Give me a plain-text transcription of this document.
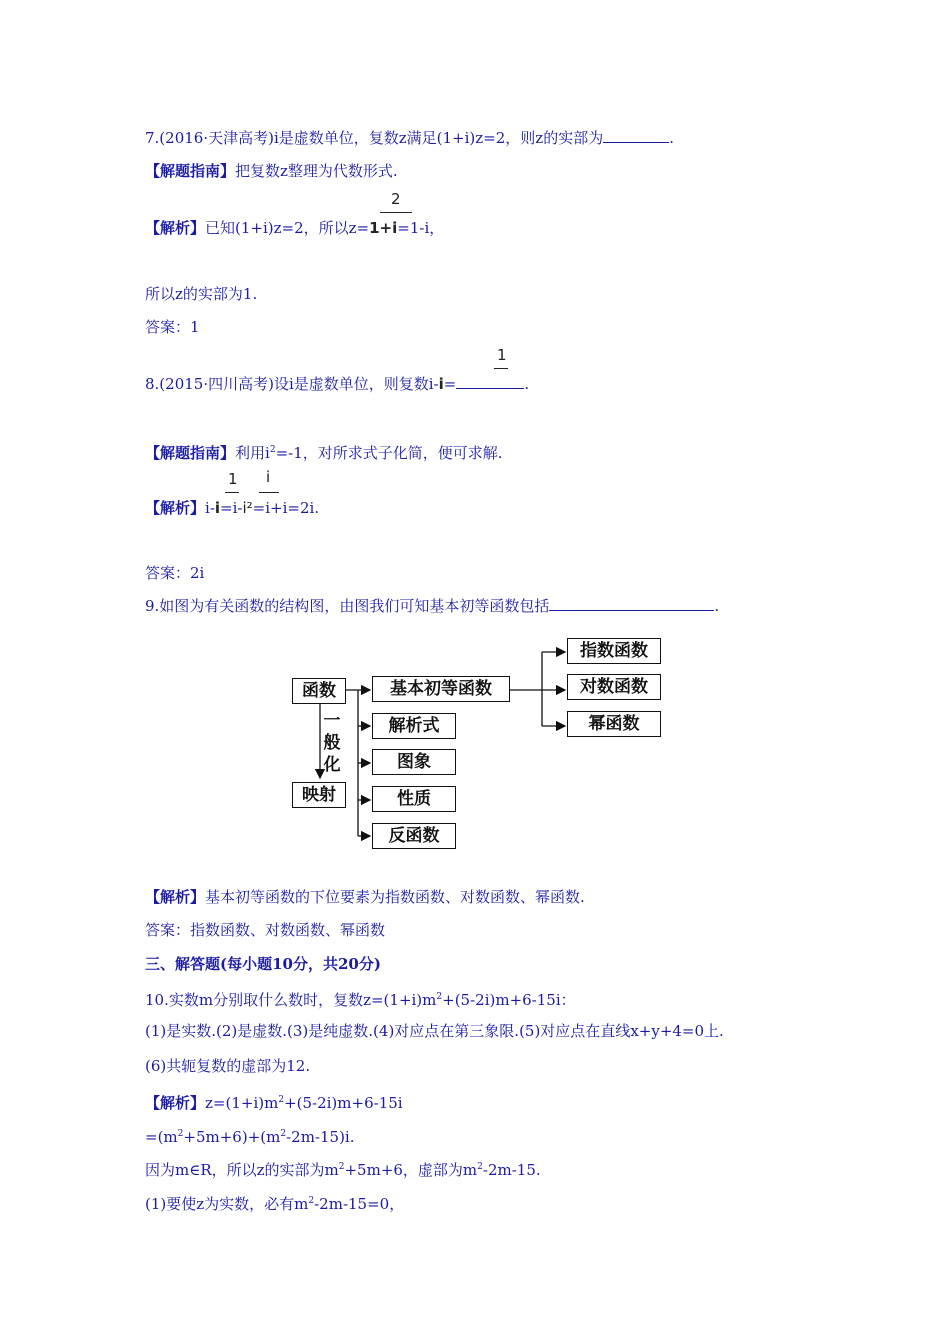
7.(2016·天津高考)i是虚数单位，复数z满足(1+i)z=2，则z的实部为	.
【解题指南】把复数z整理为代数形式.
2
【解析】已知(1+i)z=2，所以z=1+i=1-i，
所以z的实部为1.
答案：1
1
8.(2015·四川高考)设i是虚数单位，则复数i-i=	.
【解题指南】利用$i^2=-1$，对所求式子化简，便可求解.
1 i
【解析】i-i=i-i²=i+i=2i.
答案：2i
9.如图为有关函数的结构图，由图我们可知基本初等函数包括	.
函数	基本初等函数
指数函数
对数函数
幂函数
解析式
图象
性质
反函数
映射
一
般
化
【解析】基本初等函数的下位要素为指数函数、对数函数、幂函数.
答案：指数函数、对数函数、幂函数
三、解答题(每小题10分，共20分)
10.实数m分别取什么数时，复数$z=(1+i)m^2+(5-2i)m+6-15i$：
(1)是实数.(2)是虚数.(3)是纯虚数.(4)对应点在第三象限.(5)对应点在直线x+y+4=0上.
(6)共轭复数的虚部为12.
【解析】$z=(1+i)m^2+(5-2i)m+6-15i$
$=(m^2+5m+6)+(m^2-2m-15)i$.
因为m∈R，所以z的实部为$m^2+5m+6$，虚部为$m^2-2m-15$.
(1)要使z为实数，必有$m^2-2m-15=0$，
